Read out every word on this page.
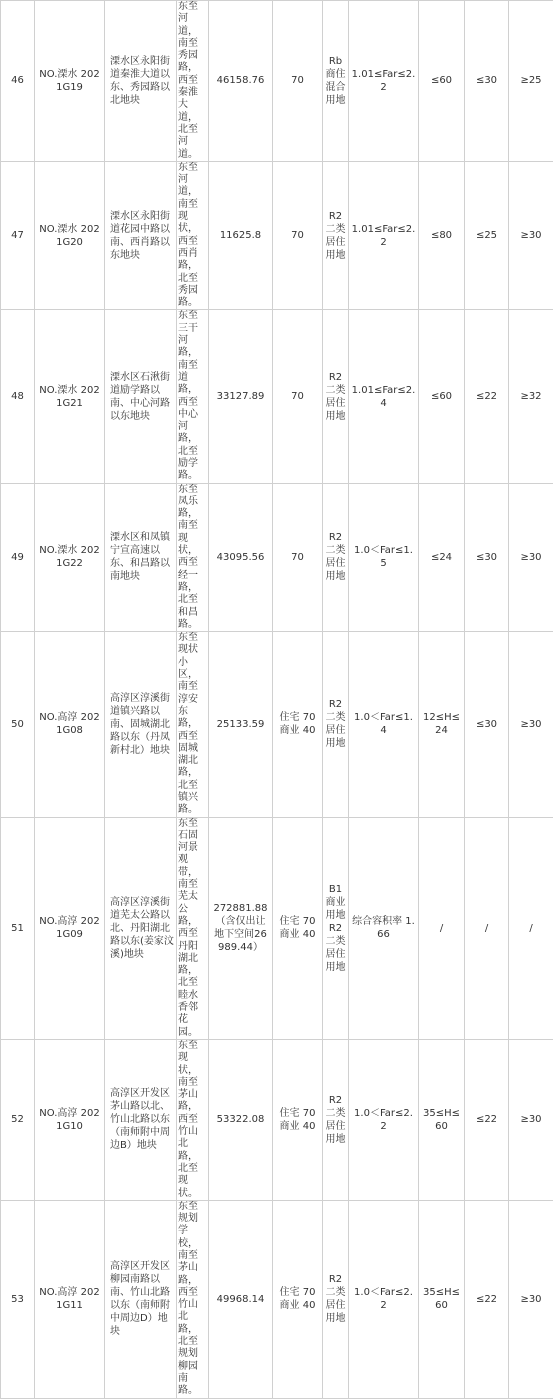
46	NO.溧水 2021G19	溧水区永阳街道秦淮大道以东、秀园路以北地块	东至河道，南至秀园路，西至秦淮大道，北至河道。	46158.76	70	Rb 商住混合用地	1.01≤Far≤2.2	≤60	≤30	≥25
47	NO.溧水 2021G20	溧水区永阳街道花园中路以南、西肖路以东地块	东至河道，南至现状，西至西肖路，北至秀园路。	11625.8	70	R2 二类居住用地	1.01≤Far≤2.2	≤80	≤25	≥30
48	NO.溧水 2021G21	溧水区石湫街道励学路以南、中心河路以东地块	东至三干河路，南至道路，西至中心河路，北至励学路。	33127.89	70	R2 二类居住用地	1.01≤Far≤2.4	≤60	≤22	≥32
49	NO.溧水 2021G22	溧水区和凤镇宁宣高速以东、和昌路以南地块	东至凤乐路，南至现状，西至经一路，北至和昌路。	43095.56	70	R2 二类居住用地	1.0＜Far≤1.5	≤24	≤30	≥30
50	NO.高淳 2021G08	高淳区淳溪街道镇兴路以南、固城湖北路以东（丹凤新村北）地块	东至现状小区，南至淳安东路，西至固城湖北路，北至镇兴路。	25133.59	住宅 70 商业 40	R2 二类居住用地	1.0＜Far≤1.4	12≤H≤24	≤30	≥30
51	NO.高淳 2021G09	高淳区淳溪街道芜太公路以北、丹阳湖北路以东(姜家汶溪)地块	东至石固河景观带，南至芜太公路，西至丹阳湖北路，北至睦水香邻花园。	272881.88（含仅出让地下空间26989.44）	住宅 70 商业 40	B1 商业用地 R2 二类居住用地	综合容积率 1.66	/	/	/
52	NO.高淳 2021G10	高淳区开发区茅山路以北、竹山北路以东（南师附中周边B）地块	东至现状，南至茅山路，西至竹山北路，北至现状。	53322.08	住宅 70 商业 40	R2 二类居住用地	1.0＜Far≤2.2	35≤H≤60	≤22	≥30
53	NO.高淳 2021G11	高淳区开发区柳园南路以南、竹山北路以东（南师附中周边D）地块	东至规划学校，南至茅山路，西至竹山北路，北至规划柳园南路。	49968.14	住宅 70 商业 40	R2 二类居住用地	1.0＜Far≤2.2	35≤H≤60	≤22	≥30
